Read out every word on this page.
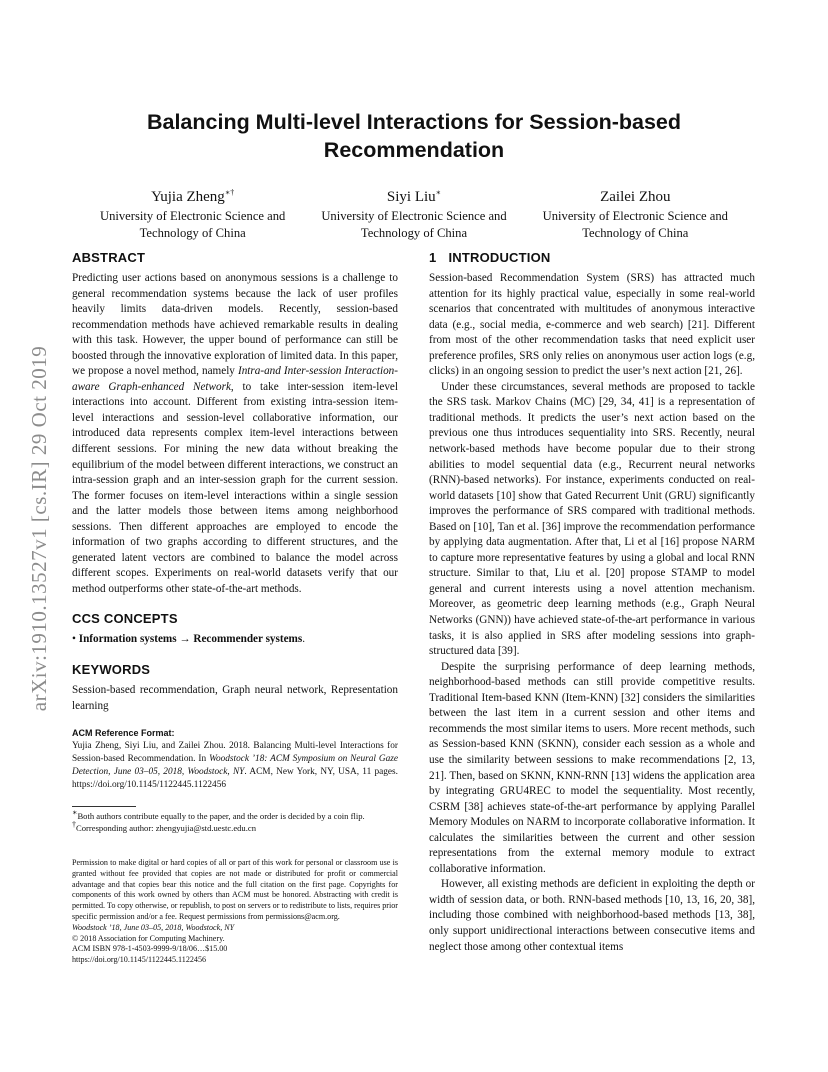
arXiv:1910.13527v1 [cs.IR] 29 Oct 2019
Balancing Multi-level Interactions for Session-based
Recommendation
Yujia Zheng∗†
University of Electronic Science and
Technology of China
Siyi Liu∗
University of Electronic Science and
Technology of China
Zailei Zhou
University of Electronic Science and
Technology of China
ABSTRACT

Predicting user actions based on anonymous sessions is a challenge to general recommendation systems because the lack of user profiles heavily limits data-driven models. Recently, session-based recommendation methods have achieved remarkable results in dealing with this task. However, the upper bound of performance can still be boosted through the innovative exploration of limited data. In this paper, we propose a novel method, namely Intra-and Inter-session Interaction-aware Graph-enhanced Network, to take inter-session item-level interactions into account. Different from existing intra-session item-level interactions and session-level collaborative information, our introduced data represents complex item-level interactions between different sessions. For mining the new data without breaking the equilibrium of the model between different interactions, we construct an intra-session graph and an inter-session graph for the current session. The former focuses on item-level interactions within a single session and the latter models those between items among neighborhood sessions. Then different approaches are employed to encode the information of two graphs according to different structures, and the generated latent vectors are combined to balance the model across different scopes. Experiments on real-world datasets verify that our method outperforms other state-of-the-art methods.

CCS CONCEPTS
• Information systems → Recommender systems.
KEYWORDS

Session-based recommendation, Graph neural network, Representation learning

ACM Reference Format:
Yujia Zheng, Siyi Liu, and Zailei Zhou. 2018. Balancing Multi-level Interactions for Session-based Recommendation. In Woodstock ’18: ACM Symposium on Neural Gaze Detection, June 03–05, 2018, Woodstock, NY. ACM, New York, NY, USA, 11 pages. https://doi.org/10.1145/1122445.1122456
∗Both authors contribute equally to the paper, and the order is decided by a coin flip.
†Corresponding author: zhengyujia@std.uestc.edu.cn
Permission to make digital or hard copies of all or part of this work for personal or classroom use is granted without fee provided that copies are not made or distributed for profit or commercial advantage and that copies bear this notice and the full citation on the first page. Copyrights for components of this work owned by others than ACM must be honored. Abstracting with credit is permitted. To copy otherwise, or republish, to post on servers or to redistribute to lists, requires prior specific permission and/or a fee. Request permissions from permissions@acm.org.
Woodstock ’18, June 03–05, 2018, Woodstock, NY
© 2018 Association for Computing Machinery.
ACM ISBN 978-1-4503-9999-9/18/06…$15.00
https://doi.org/10.1145/1122445.1122456
1 INTRODUCTION

Session-based Recommendation System (SRS) has attracted much attention for its highly practical value, especially in some real-world scenarios that concentrated with multitudes of anonymous interactive data (e.g., social media, e-commerce and web search) [21]. Different from most of the other recommendation tasks that need explicit user preference profiles, SRS only relies on anonymous user action logs (e.g, clicks) in an ongoing session to predict the user’s next action [21, 26].

Under these circumstances, several methods are proposed to tackle the SRS task. Markov Chains (MC) [29, 34, 41] is a representation of traditional methods. It predicts the user’s next action based on the previous one thus introduces sequentiality into SRS. Recently, neural network-based methods have become popular due to their strong abilities to model sequential data (e.g., Recurrent neural networks (RNN)-based networks). For instance, experiments conducted on real-world datasets [10] show that Gated Recurrent Unit (GRU) significantly improves the performance of SRS compared with traditional methods. Based on [10], Tan et al. [36] improve the recommendation performance by applying data augmentation. After that, Li et al [16] propose NARM to capture more representative features by using a global and local RNN structure. Similar to that, Liu et al. [20] propose STAMP to model general and current interests using a novel attention mechanism. Moreover, as geometric deep learning methods (e.g., Graph Neural Networks (GNN)) have achieved state-of-the-art performance in various tasks, it is also applied in SRS after modeling sessions into graph-structured data [39].

Despite the surprising performance of deep learning methods, neighborhood-based methods can still provide competitive results. Traditional Item-based KNN (Item-KNN) [32] considers the similarities between the last item in a current session and other items and recommends the most similar items to users. More recent methods, such as Session-based KNN (SKNN), consider each session as a whole and use the similarity between sessions to make recommendations [2, 13, 21]. Then, based on SKNN, KNN-RNN [13] widens the application area by integrating GRU4REC to model the sequentiality. Most recently, CSRM [38] achieves state-of-the-art performance by applying Parallel Memory Modules on NARM to incorporate collaborative information. It calculates the similarities between the current and other session representations from the external memory module to extract collaborative information.

However, all existing methods are deficient in exploiting the depth or width of session data, or both. RNN-based methods [10, 13, 16, 20, 38], including those combined with neighborhood-based methods [13, 38], only support unidirectional interactions between consecutive items and neglect those among other contextual items
